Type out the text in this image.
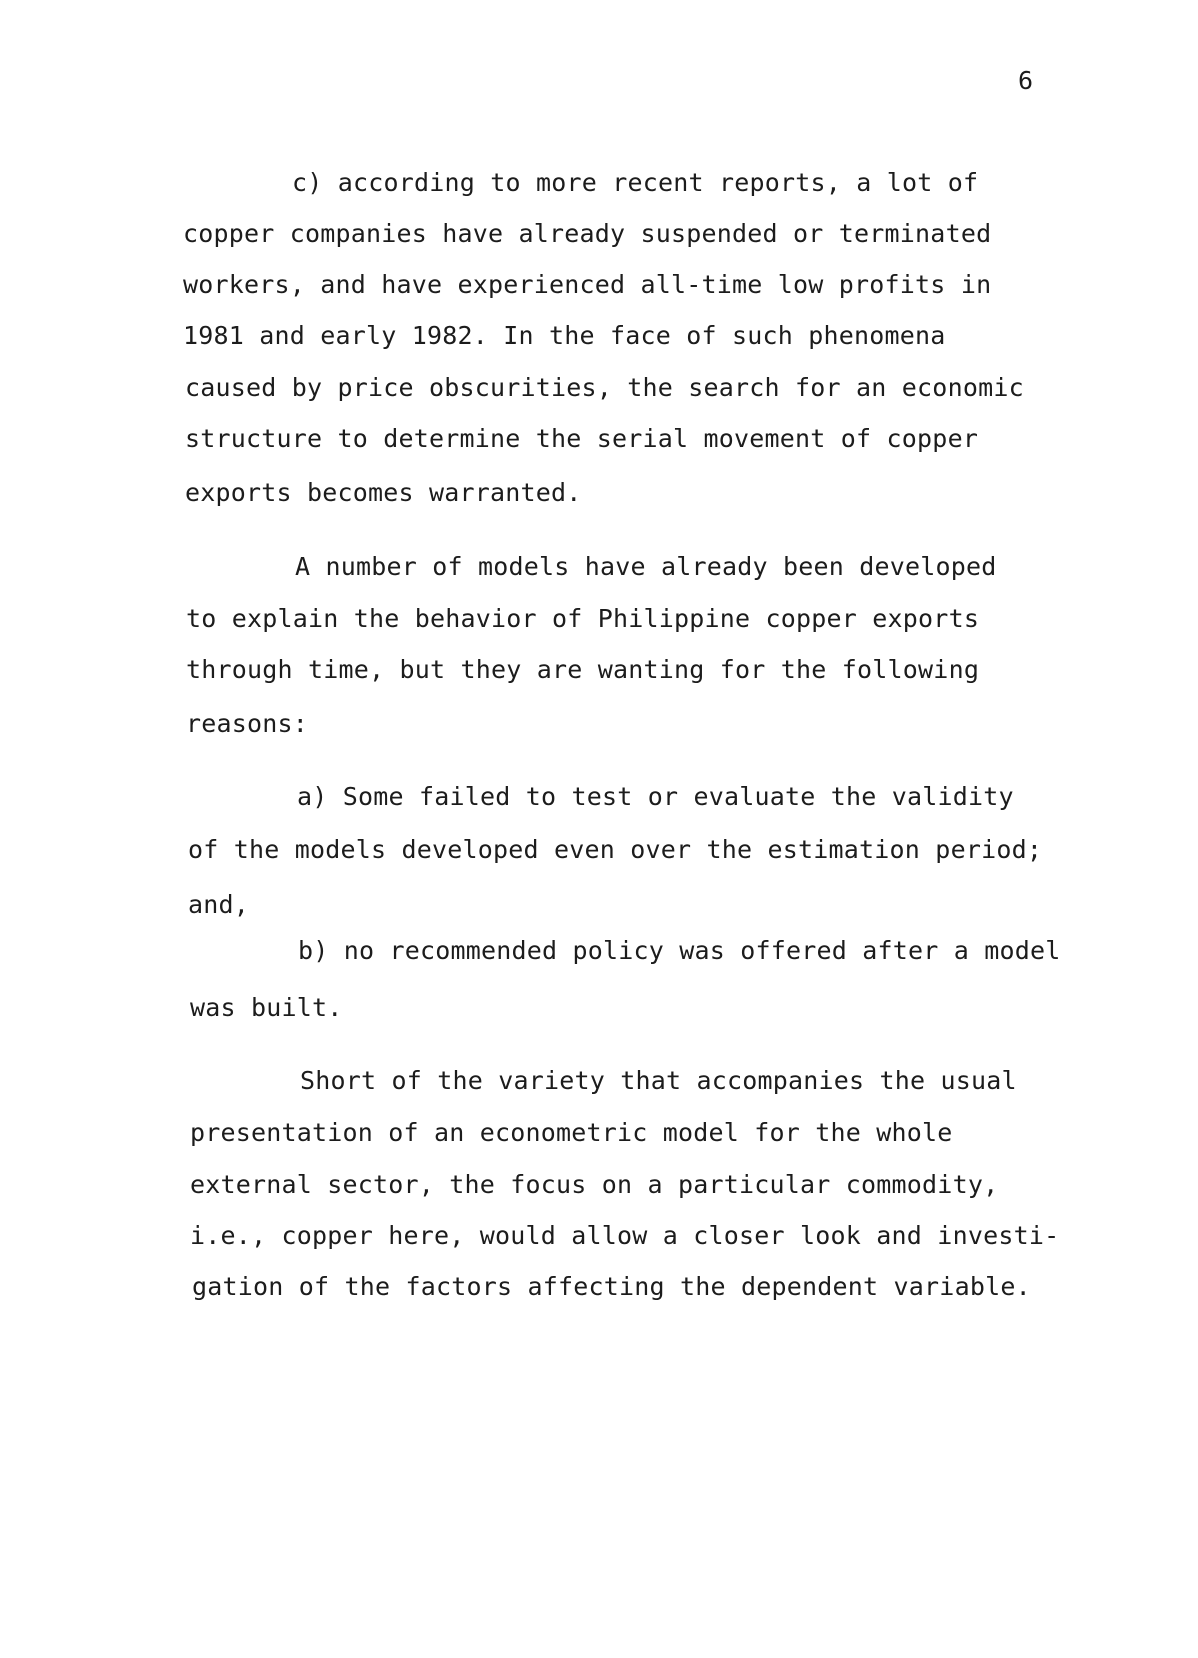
6
c) according to more recent reports, a lot of
copper companies have already suspended or terminated
workers, and have experienced all-time low profits in
1981 and early 1982. In the face of such phenomena
caused by price obscurities, the search for an economic
structure to determine the serial movement of copper
exports becomes warranted.
A number of models have already been developed
to explain the behavior of Philippine copper exports
through time, but they are wanting for the following
reasons:
a) Some failed to test or evaluate the validity
of the models developed even over the estimation period;
and,
b) no recommended policy was offered after a model
was built.
Short of the variety that accompanies the usual
presentation of an econometric model for the whole
external sector, the focus on a particular commodity,
i.e., copper here, would allow a closer look and investi-
gation of the factors affecting the dependent variable.
